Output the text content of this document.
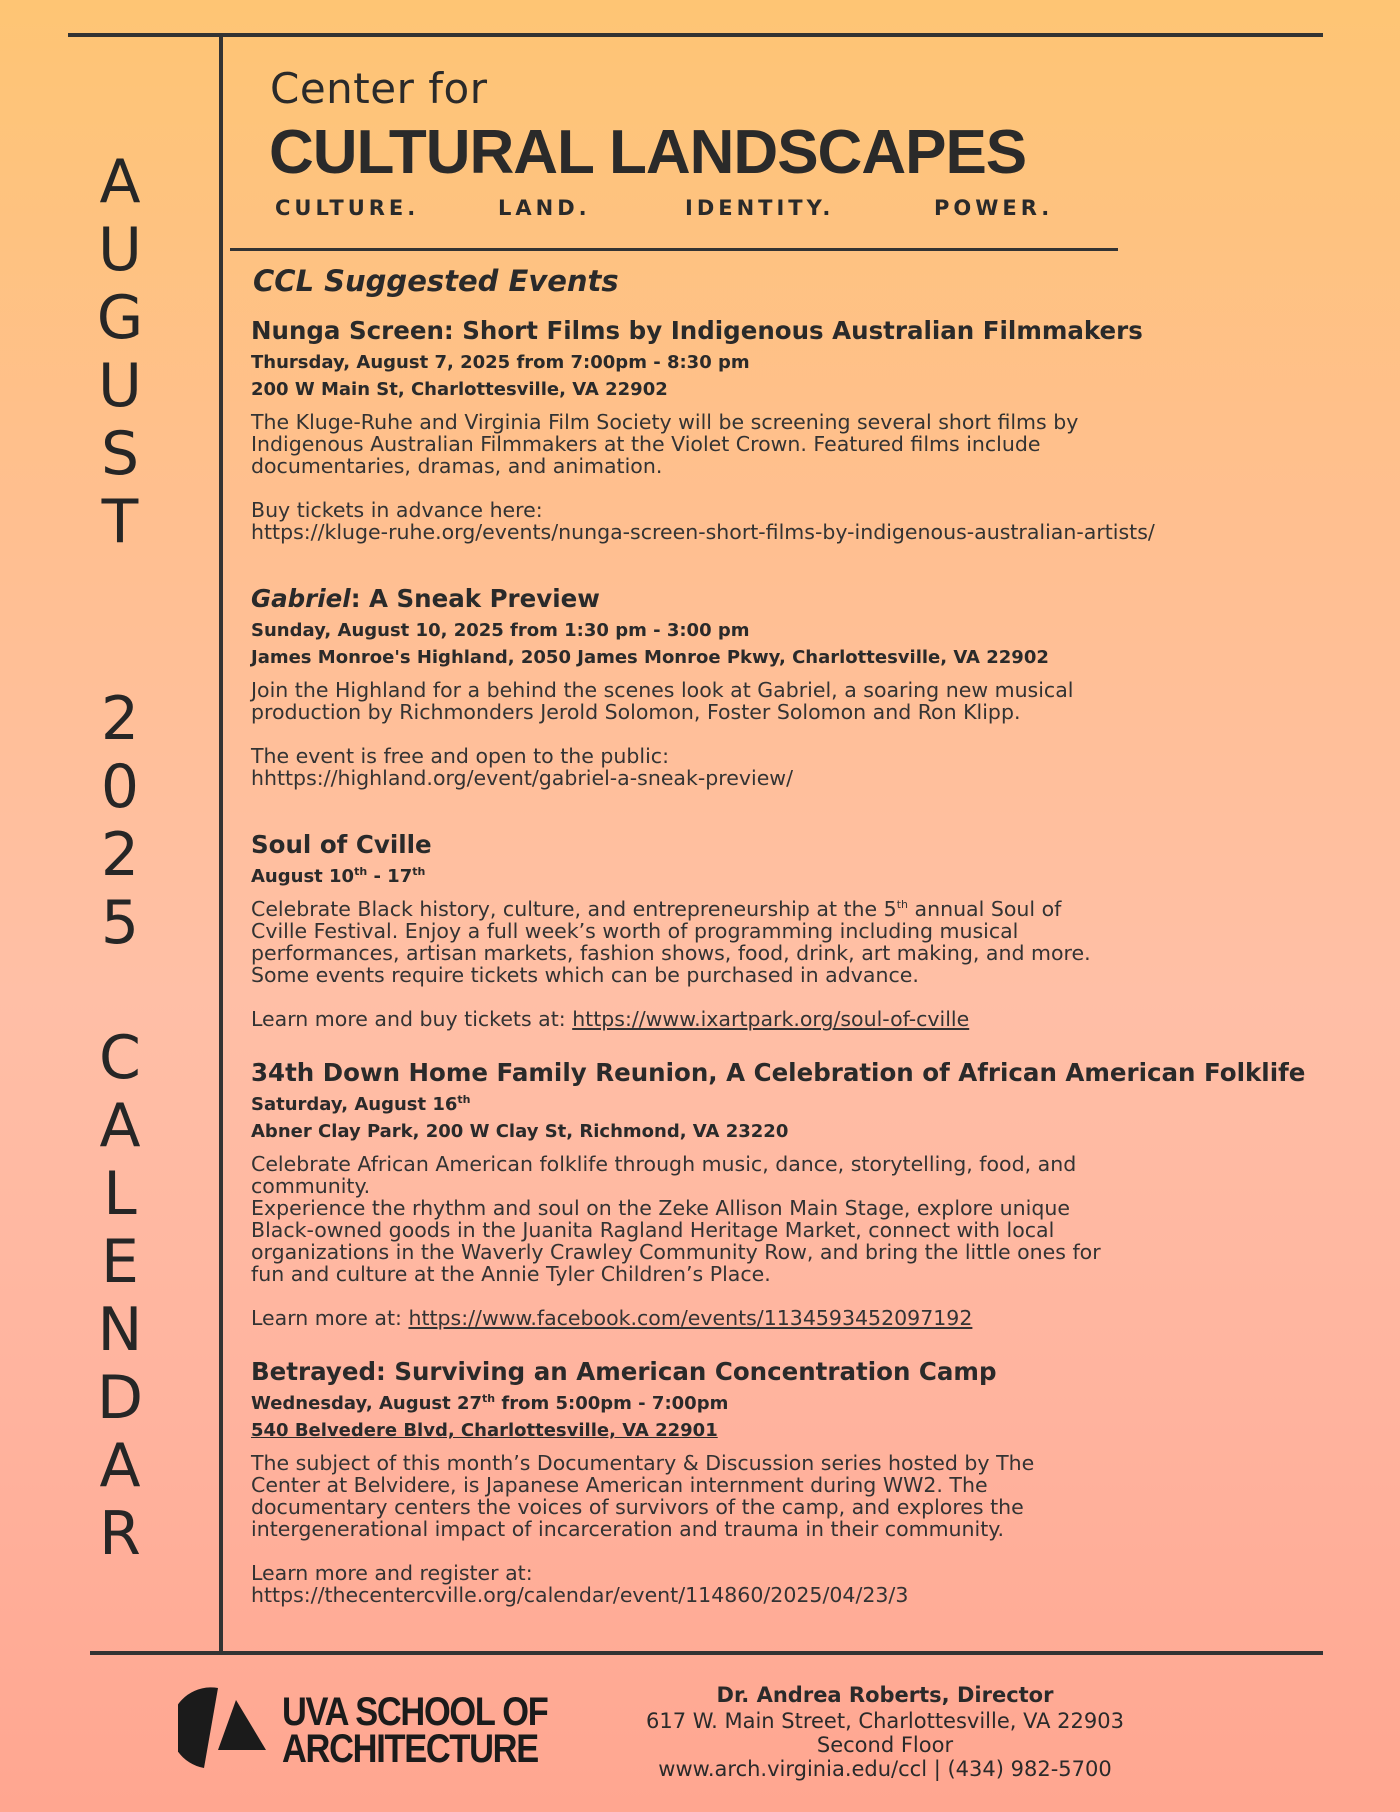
A
U
G
U
S
T
2
0
2
5
C
A
L
E
N
D
A
R
Center for
CULTURAL LANDSCAPES
CULTURE.	LAND.	IDENTITY.	POWER.
CCL Suggested Events
Nunga Screen: Short Films by Indigenous Australian Filmmakers
Thursday, August 7, 2025 from 7:00pm - 8:30 pm
200 W Main St, Charlottesville, VA 22902
The Kluge-Ruhe and Virginia Film Society will be screening several short films by
Indigenous Australian Filmmakers at the Violet Crown. Featured films include
documentaries, dramas, and animation.
Buy tickets in advance here:
https://kluge-ruhe.org/events/nunga-screen-short-films-by-indigenous-australian-artists/
Gabriel: A Sneak Preview
Sunday, August 10, 2025 from 1:30 pm - 3:00 pm
James Monroe's Highland, 2050 James Monroe Pkwy, Charlottesville, VA 22902
Join the Highland for a behind the scenes look at Gabriel, a soaring new musical
production by Richmonders Jerold Solomon, Foster Solomon and Ron Klipp.
The event is free and open to the public:
hhttps://highland.org/event/gabriel-a-sneak-preview/
Soul of Cville
August 10th - 17th
Celebrate Black history, culture, and entrepreneurship at the 5th annual Soul of
Cville Festival. Enjoy a full week’s worth of programming including musical
performances, artisan markets, fashion shows, food, drink, art making, and more.
Some events require tickets which can be purchased in advance.
Learn more and buy tickets at: https://www.ixartpark.org/soul-of-cville
34th Down Home Family Reunion, A Celebration of African American Folklife
Saturday, August 16th
Abner Clay Park, 200 W Clay St, Richmond, VA 23220
Celebrate African American folklife through music, dance, storytelling, food, and
community.
Experience the rhythm and soul on the Zeke Allison Main Stage, explore unique
Black-owned goods in the Juanita Ragland Heritage Market, connect with local
organizations in the Waverly Crawley Community Row, and bring the little ones for
fun and culture at the Annie Tyler Children’s Place.
Learn more at: https://www.facebook.com/events/1134593452097192
Betrayed: Surviving an American Concentration Camp
Wednesday, August 27th from 5:00pm - 7:00pm
540 Belvedere Blvd, Charlottesville, VA 22901
The subject of this month’s Documentary & Discussion series hosted by The
Center at Belvidere, is Japanese American internment during WW2. The
documentary centers the voices of survivors of the camp, and explores the
intergenerational impact of incarceration and trauma in their community.
Learn more and register at:
https://thecentercville.org/calendar/event/114860/2025/04/23/3
UVA SCHOOL OF
ARCHITECTURE
Dr. Andrea Roberts, Director
617 W. Main Street, Charlottesville, VA 22903
Second Floor
www.arch.virginia.edu/ccl | (434) 982-5700
